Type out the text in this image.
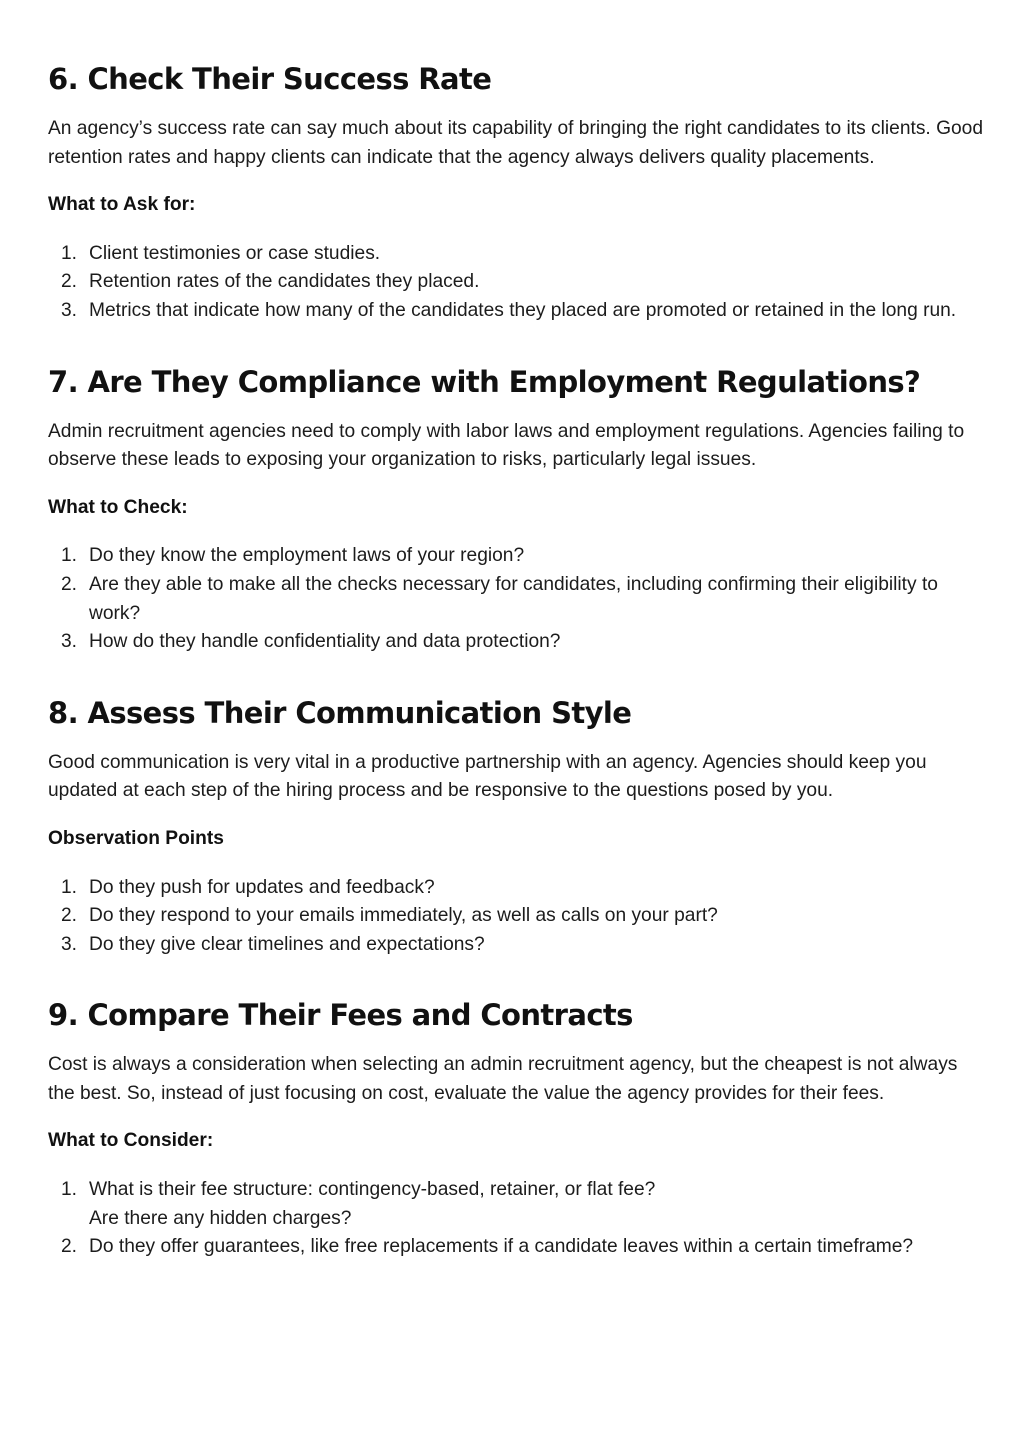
6. Check Their Success Rate

An agency’s success rate can say much about its capability of bringing the right candidates to its clients. Good retention rates and happy clients can indicate that the agency always delivers quality placements.

What to Ask for:

1. Client testimonies or case studies.
2. Retention rates of the candidates they placed.
3. Metrics that indicate how many of the candidates they placed are promoted or retained in the long run.
7. Are They Compliance with Employment Regulations?

Admin recruitment agencies need to comply with labor laws and employment regulations. Agencies failing to observe these leads to exposing your organization to risks, particularly legal issues.

What to Check:

1. Do they know the employment laws of your region?
2. Are they able to make all the checks necessary for candidates, including confirming their eligibility to work?
3. How do they handle confidentiality and data protection?
8. Assess Their Communication Style

Good communication is very vital in a productive partnership with an agency. Agencies should keep you updated at each step of the hiring process and be responsive to the questions posed by you.

Observation Points

1. Do they push for updates and feedback?
2. Do they respond to your emails immediately, as well as calls on your part?
3. Do they give clear timelines and expectations?
9. Compare Their Fees and Contracts

Cost is always a consideration when selecting an admin recruitment agency, but the cheapest is not always the best. So, instead of just focusing on cost, evaluate the value the agency provides for their fees.

What to Consider:

1. What is their fee structure: contingency-based, retainer, or flat fee?
Are there any hidden charges?
2. Do they offer guarantees, like free replacements if a candidate leaves within a certain timeframe?
